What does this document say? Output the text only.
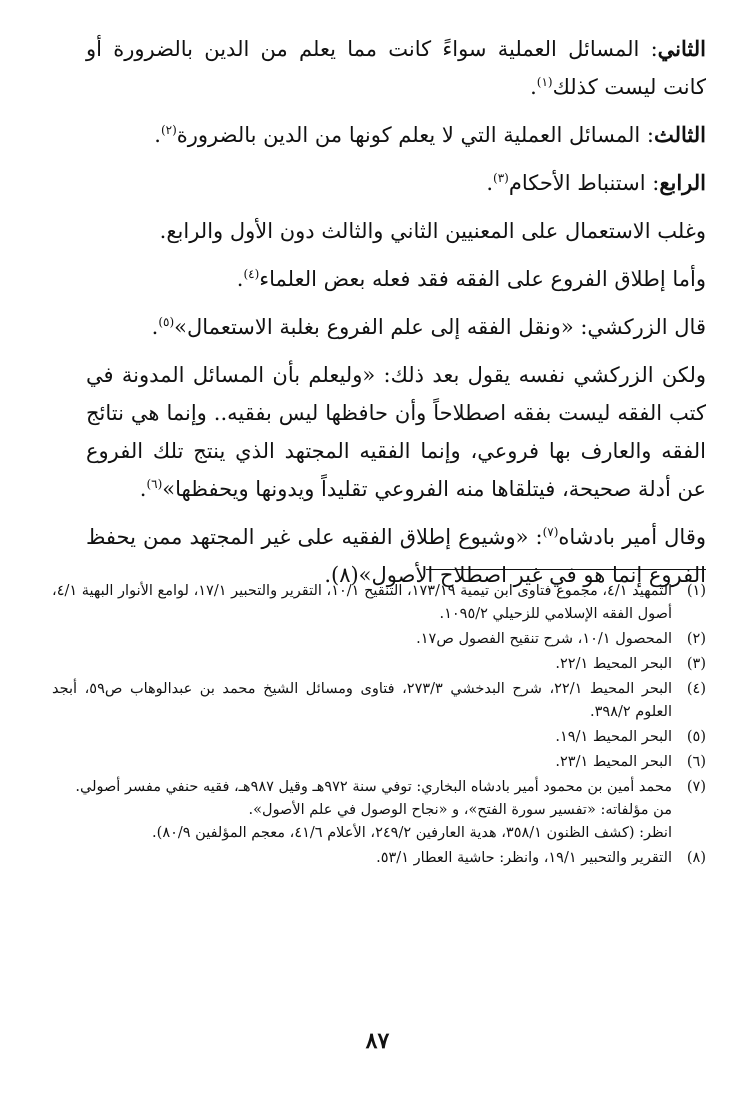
الثاني: المسائل العملية سواءً كانت مما يعلم من الدين بالضرورة أو كانت ليست كذلك$^{(١)}$.

الثالث: المسائل العملية التي لا يعلم كونها من الدين بالضرورة$^{(٢)}$.

الرابع: استنباط الأحكام$^{(٣)}$.

وغلب الاستعمال على المعنيين الثاني والثالث دون الأول والرابع.

وأما إطلاق الفروع على الفقه فقد فعله بعض العلماء$^{(٤)}$.

قال الزركشي: «ونقل الفقه إلى علم الفروع بغلبة الاستعمال»$^{(٥)}$.

ولكن الزركشي نفسه يقول بعد ذلك: «وليعلم بأن المسائل المدونة في كتب الفقه ليست بفقه اصطلاحاً وأن حافظها ليس بفقيه.. وإنما هي نتائج الفقه والعارف بها فروعي، وإنما الفقيه المجتهد الذي ينتج تلك الفروع عن أدلة صحيحة، فيتلقاها منه الفروعي تقليداً ويدونها ويحفظها»$^{(٦)}$.

وقال أمير بادشاه$^{(٧)}$: «وشيوع إطلاق الفقيه على غير المجتهد ممن يحفظ الفروع إنما هو في غير اصطلاح الأصول»(٨).

(١)
التمهيد ٤/١، مجموع فتاوى ابن تيمية ١٧٣/١٩، التنقيح ١٠/١، التقرير والتحبير ١٧/١، لوامع الأنوار البهية ٤/١، أصول الفقه الإسلامي للزحيلي ١٠٩٥/٢.
(٢)
المحصول ١٠/١، شرح تنقيح الفصول ص١٧.
(٣)
البحر المحيط ٢٢/١.
(٤)
البحر المحيط ٢٢/١، شرح البدخشي ٢٧٣/٣، فتاوى ومسائل الشيخ محمد بن عبدالوهاب ص٥٩، أبجد العلوم ٣٩٨/٢.
(٥)
البحر المحيط ١٩/١.
(٦)
البحر المحيط ٢٣/١.
(٧)
محمد أمين بن محمود أمير بادشاه البخاري: توفي سنة ٩٧٢هـ وقيل ٩٨٧هـ، فقيه حنفي مفسر أصولي.
من مؤلفاته: «تفسير سورة الفتح»، و «نجاح الوصول في علم الأصول».
انظر: (كشف الظنون ٣٥٨/١، هدية العارفين ٢٤٩/٢، الأعلام ٤١/٦، معجم المؤلفين ٨٠/٩).
(٨)
التقرير والتحبير ١٩/١، وانظر: حاشية العطار ٥٣/١.
٨٧
